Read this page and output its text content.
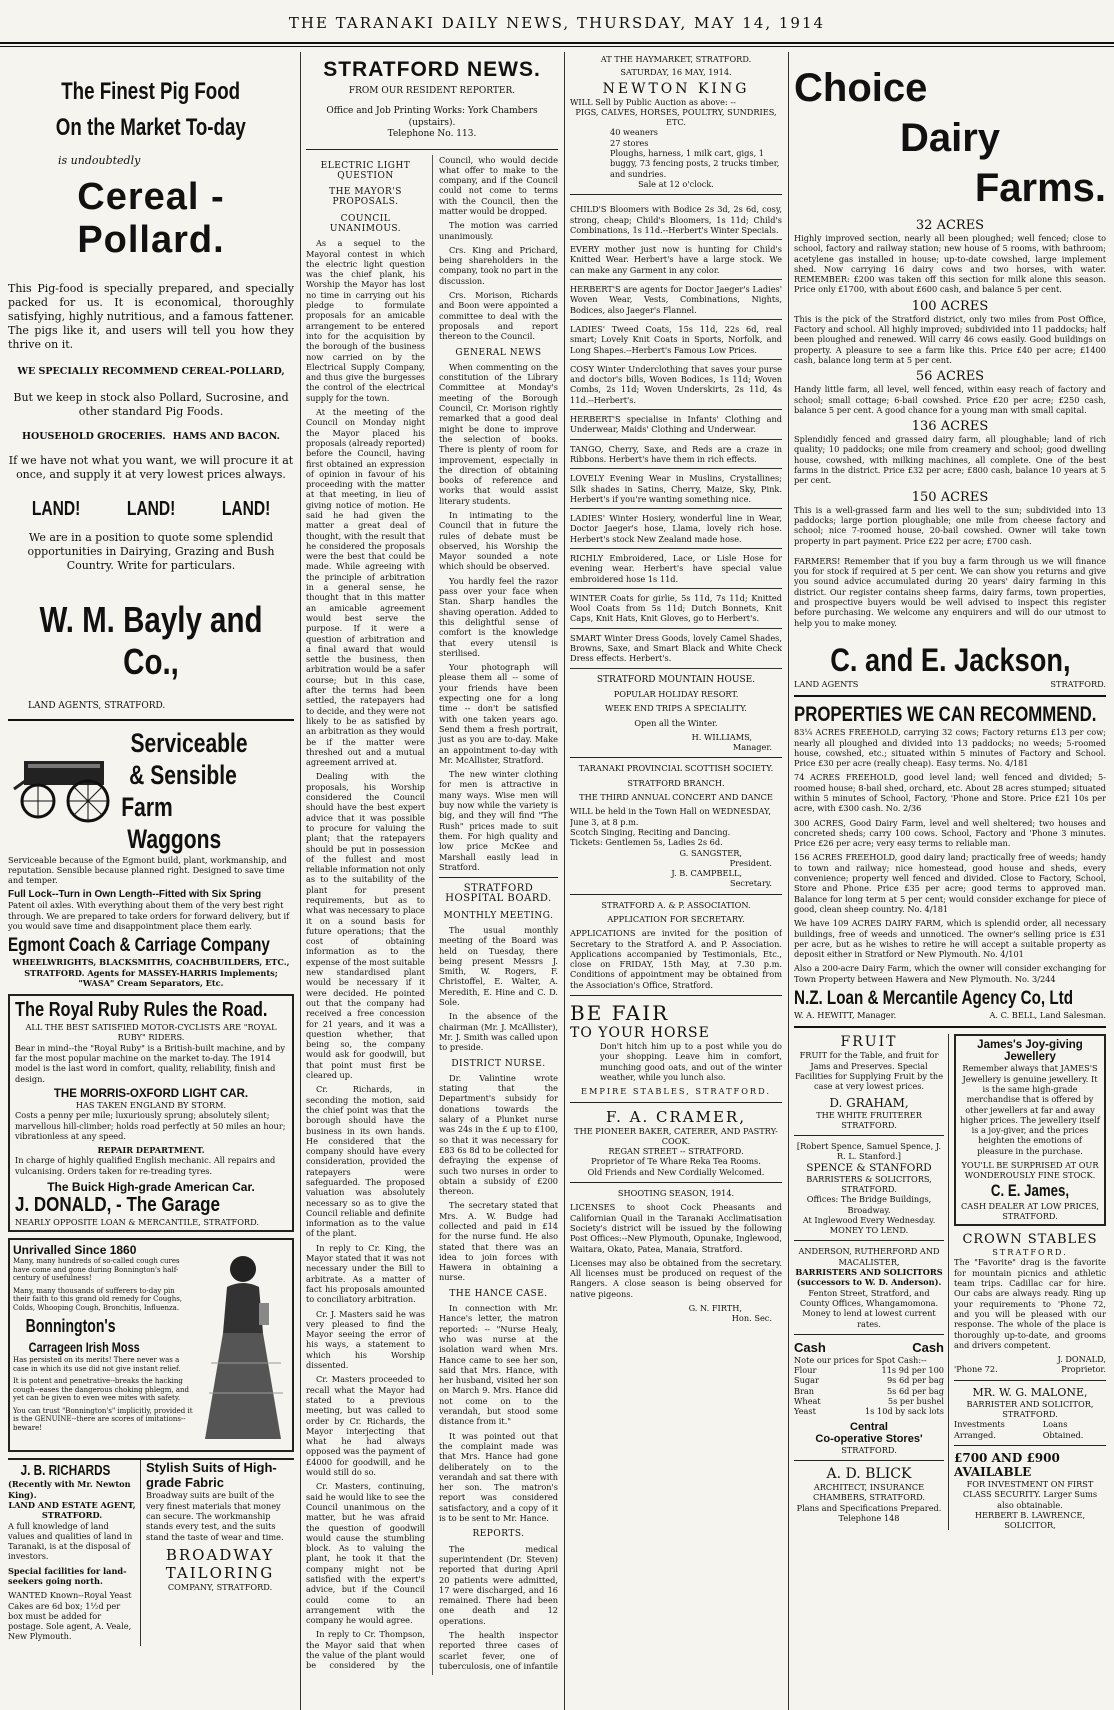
THE TARANAKI DAILY NEWS, THURSDAY, MAY 14, 1914
The Finest Pig Food
On the Market To-day
is undoubtedly
Cereal - Pollard.

This Pig-food is specially prepared, and specially packed for us. It is economical, thoroughly satisfying, highly nutritious, and a famous fattener. The pigs like it, and users will tell you how they thrive on it.

WE SPECIALLY RECOMMEND CEREAL-POLLARD,

But we keep in stock also Pollard, Sucrosine, and other standard Pig Foods.

HOUSEHOLD GROCERIES. HAMS AND BACON.

If we have not what you want, we will procure it at once, and supply it at very lowest prices always.

LAND! LAND! LAND!

We are in a position to quote some splendid opportunities in Dairying, Grazing and Bush Country. Write for particulars.

W. M. Bayly and Co.,
LAND AGENTS, STRATFORD.
Serviceable & Sensible Farm Waggons

Serviceable because of the Egmont build, plant, workmanship, and reputation. Sensible because planned right. Designed to save time and temper.

Full Lock--Turn in Own Length--Fitted with Six Spring

Patent oil axles. With everything about them of the very best right through. We are prepared to take orders for forward delivery, but if you would save time and disappointment place them early.

Egmont Coach & Carriage Company
WHEELWRIGHTS, BLACKSMITHS, COACHBUILDERS, ETC., STRATFORD. Agents for MASSEY-HARRIS Implements; "WASA" Cream Separators, Etc.
The Royal Ruby Rules the Road.
ALL THE BEST SATISFIED MOTOR-CYCLISTS ARE "ROYAL RUBY" RIDERS.

Bear in mind--the "Royal Ruby" is a British-built machine, and by far the most popular machine on the market to-day. The 1914 model is the last word in comfort, quality, reliability, finish and design.

THE MORRIS-OXFORD LIGHT CAR.
HAS TAKEN ENGLAND BY STORM.

Costs a penny per mile; luxuriously sprung; absolutely silent; marvellous hill-climber; holds road perfectly at 50 miles an hour; vibrationless at any speed.

REPAIR DEPARTMENT.

In charge of highly qualified English mechanic. All repairs and vulcanising. Orders taken for re-treading tyres.

The Buick High-grade American Car.
J. DONALD, - The Garage
NEARLY OPPOSITE LOAN & MERCANTILE, STRATFORD.
Unrivalled Since 1860

Many, many hundreds of so-called cough cures have come and gone during Bonnington's half-century of usefulness!

Many, many thousands of sufferers to-day pin their faith to this grand old remedy for Coughs, Colds, Whooping Cough, Bronchitis, Influenza.

Bonnington's Carrageen Irish Moss

Has persisted on its merits! There never was a case in which its use did not give instant relief.

It is potent and penetrative--breaks the hacking cough--eases the dangerous choking phlegm, and yet can be given to even wee mites with safety.

You can trust "Bonnington's" implicitly, provided it is the GENUINE--there are scores of imitations--beware!

J. B. RICHARDS
(Recently with Mr. Newton King).
LAND AND ESTATE AGENT, STRATFORD.

A full knowledge of land values and qualities of land in Taranaki, is at the disposal of investors.

Special facilities for land-seekers going north.

WANTED Known--Royal Yeast Cakes are 6d box; 1½d per box must be added for postage. Sole agent, A. Veale, New Plymouth.

Stylish Suits of High-grade Fabric

Broadway suits are built of the very finest materials that money can secure. The workmanship stands every test, and the suits stand the taste of wear and time.

BROADWAY TAILORING
COMPANY, STRATFORD.
STRATFORD NEWS.
FROM OUR RESIDENT REPORTER.
Office and Job Printing Works: York Chambers (upstairs).
Telephone No. 113.
ELECTRIC LIGHT QUESTION
THE MAYOR'S PROPOSALS.
COUNCIL UNANIMOUS.

As a sequel to the Mayoral contest in which the electric light question was the chief plank, his Worship the Mayor has lost no time in carrying out his pledge to formulate proposals for an amicable arrangement to be entered into for the acquisition by the borough of the business now carried on by the Electrical Supply Company, and thus give the burgesses the control of the electrical supply for the town.

At the meeting of the Council on Monday night the Mayor placed his proposals (already reported) before the Council, having first obtained an expression of opinion in favour of his proceeding with the matter at that meeting, in lieu of giving notice of motion. He said he had given the matter a great deal of thought, with the result that he considered the proposals were the best that could be made. While agreeing with the principle of arbitration in a general sense, he thought that in this matter an amicable agreement would best serve the purpose. If it were a question of arbitration and a final award that would settle the business, then arbitration would be a safer course; but in this case, after the terms had been settled, the ratepayers had to decide, and they were not likely to be as satisfied by an arbitration as they would be if the matter were threshed out and a mutual agreement arrived at.

Dealing with the proposals, his Worship considered the Council should have the best expert advice that it was possible to procure for valuing the plant; that the ratepayers should be put in possession of the fullest and most reliable information not only as to the suitability of the plant for present requirements, but as to what was necessary to place it on a sound basis for future operations; that the cost of obtaining information as to the expense of the most suitable new standardised plant would be necessary if it were decided. He pointed out that the company had received a free concession for 21 years, and it was a question whether, that being so, the company would ask for goodwill, but that point must first be cleared up.

Cr. Richards, in seconding the motion, said the chief point was that the borough should have the business in its own hands. He considered that the company should have every consideration, provided the ratepayers were safeguarded. The proposed valuation was absolutely necessary so as to give the Council reliable and definite information as to the value of the plant.

In reply to Cr. King, the Mayor stated that it was not necessary under the Bill to arbitrate. As a matter of fact his proposals amounted to conciliatory arbitration.

Cr. J. Masters said he was very pleased to find the Mayor seeing the error of his ways, a statement to which his Worship dissented.

Cr. Masters proceeded to recall what the Mayor had stated to a previous meeting, but was called to order by Cr. Richards, the Mayor interjecting that what he had always opposed was the payment of £4000 for goodwill, and he would still do so.

Cr. Masters, continuing, said he would like to see the Council unanimous on the matter, but he was afraid the question of goodwill would cause the stumbling block. As to valuing the plant, he took it that the company might not be satisfied with the expert's advice, but if the Council could come to an arrangement with the company he would agree.

In reply to Cr. Thompson, the Mayor said that when the value of the plant would be considered by the Council, who would decide what offer to make to the company, and if the Council could not come to terms with the Council, then the matter would be dropped.

The motion was carried unanimously.

Crs. King and Prichard, being shareholders in the company, took no part in the discussion.

Crs. Morison, Richards and Boon were appointed a committee to deal with the proposals and report thereon to the Council.

GENERAL NEWS

When commenting on the constitution of the Library Committee at Monday's meeting of the Borough Council, Cr. Morison rightly remarked that a good deal might be done to improve the selection of books. There is plenty of room for improvement, especially in the direction of obtaining books of reference and works that would assist literary students.

In intimating to the Council that in future the rules of debate must be observed, his Worship the Mayor sounded a note which should be observed.

You hardly feel the razor pass over your face when Stan. Sharp handles the shaving operation. Added to this delightful sense of comfort is the knowledge that every utensil is sterilised.

Your photograph will please them all -- some of your friends have been expecting one for a long time -- don't be satisfied with one taken years ago. Send them a fresh portrait, just as you are to-day. Make an appointment to-day with Mr. McAllister, Stratford.

The new winter clothing for men is attractive in many ways. Wise men will buy now while the variety is big, and they will find "The Rush" prices made to suit them. For high quality and low price McKee and Marshall easily lead in Stratford.

STRATFORD HOSPITAL BOARD.
MONTHLY MEETING.

The usual monthly meeting of the Board was held on Tuesday, there being present Messrs J. Smith, W. Rogers, F. Christoffel, E. Walter, A. Meredith, E. Hine and C. D. Sole.

In the absence of the chairman (Mr. J. McAllister), Mr. J. Smith was called upon to preside.

DISTRICT NURSE.

Dr. Valintine wrote stating that the Department's subsidy for donations towards the salary of a Plunket nurse was 24s in the £ up to £100, so that it was necessary for £83 6s 8d to be collected for defraying the expense of such two nurses in order to obtain a subsidy of £200 thereon.

The secretary stated that Mrs. A. W. Budge had collected and paid in £14 for the nurse fund. He also stated that there was an idea to join forces with Hawera in obtaining a nurse.

THE HANCE CASE.

In connection with Mr. Hance's letter, the matron reported: -- "Nurse Healy, who was nurse at the isolation ward when Mrs. Hance came to see her son, said that Mrs. Hance, with her husband, visited her son on March 9. Mrs. Hance did not come on to the verandah, but stood some distance from it."

It was pointed out that the complaint made was that Mrs. Hance had gone deliberately on to the verandah and sat there with her son. The matron's report was considered satisfactory, and a copy of it is to be sent to Mr. Hance.

REPORTS.

The medical superintendent (Dr. Steven) reported that during April 20 patients were admitted, 17 were discharged, and 16 remained. There had been one death and 12 operations.

The health inspector reported three cases of scarlet fever, one of tuberculosis, one of infantile

AT THE HAYMARKET, STRATFORD.
SATURDAY, 16 MAY, 1914.
NEWTON KING
WILL Sell by Public Auction as above: --
PIGS, CALVES, HORSES, POULTRY, SUNDRIES, ETC.
40 weaners
27 stores
Ploughs, harness, 1 milk cart, gigs, 1 buggy, 73 fencing posts, 2 trucks timber, and sundries.
Sale at 12 o'clock.
CHILD'S Bloomers with Bodice 2s 3d, 2s 6d, cosy, strong, cheap; Child's Bloomers, 1s 11d; Child's Combinations, 1s 11d.--Herbert's Winter Specials.
EVERY mother just now is hunting for Child's Knitted Wear. Herbert's have a large stock. We can make any Garment in any color.
HERBERT'S are agents for Doctor Jaeger's Ladies' Woven Wear, Vests, Combinations, Nights, Bodices, also Jaeger's Flannel.
LADIES' Tweed Coats, 15s 11d, 22s 6d, real smart; Lovely Knit Coats in Sports, Norfolk, and Long Shapes.--Herbert's Famous Low Prices.
COSY Winter Underclothing that saves your purse and doctor's bills, Woven Bodices, 1s 11d; Woven Combs, 2s 11d; Woven Underskirts, 2s 11d, 4s 11d.--Herbert's.
HERBERT'S specialise in Infants' Clothing and Underwear, Maids' Clothing and Underwear.
TANGO, Cherry, Saxe, and Reds are a craze in Ribbons. Herbert's have them in rich effects.
LOVELY Evening Wear in Muslins, Crystallines; Silk shades in Satins, Cherry, Maize, Sky, Pink. Herbert's if you're wanting something nice.
LADIES' Winter Hosiery, wonderful line in Wear, Doctor Jaeger's hose, Llama, lovely rich hose. Herbert's stock New Zealand made hose.
RICHLY Embroidered, Lace, or Lisle Hose for evening wear. Herbert's have special value embroidered hose 1s 11d.
WINTER Coats for girlie, 5s 11d, 7s 11d; Knitted Wool Coats from 5s 11d; Dutch Bonnets, Knit Caps, Knit Hats, Knit Gloves, go to Herbert's.
SMART Winter Dress Goods, lovely Camel Shades, Browns, Saxe, and Smart Black and White Check Dress effects. Herbert's.
STRATFORD MOUNTAIN HOUSE.
POPULAR HOLIDAY RESORT.
WEEK END TRIPS A SPECIALITY.
Open all the Winter.
H. WILLIAMS,
Manager.
TARANAKI PROVINCIAL SCOTTISH SOCIETY.
STRATFORD BRANCH.
THE THIRD ANNUAL CONCERT AND DANCE
WILL be held in the Town Hall on WEDNESDAY, June 3, at 8 p.m.
Scotch Singing, Reciting and Dancing.
Tickets: Gentlemen 5s, Ladies 2s 6d.
G. SANGSTER,
President.
J. B. CAMPBELL,
Secretary.
STRATFORD A. & P. ASSOCIATION.
APPLICATION FOR SECRETARY.

APPLICATIONS are invited for the position of Secretary to the Stratford A. and P. Association. Applications accompanied by Testimonials, Etc., close on FRIDAY, 15th May, at 7.30 p.m. Conditions of appointment may be obtained from the Association's Office, Stratford.

BE FAIR
TO YOUR HORSE

Don't hitch him up to a post while you do your shopping. Leave him in comfort, munching good oats, and out of the winter weather, while you lunch also.

EMPIRE STABLES, STRATFORD.
F. A. CRAMER,
THE PIONEER BAKER, CATERER, AND PASTRY-COOK.
REGAN STREET -- STRATFORD.
Proprietor of Te Whare Reka Tea Rooms.
Old Friends and New Cordially Welcomed.
SHOOTING SEASON, 1914.

LICENSES to shoot Cock Pheasants and Californian Quail in the Taranaki Acclimatisation Society's district will be issued by the following Post Offices:--New Plymouth, Opunake, Inglewood, Waitara, Okato, Patea, Manaia, Stratford.

Licenses may also be obtained from the secretary. All licenses must be produced on request of the Rangers. A close season is being observed for native pigeons.

G. N. FIRTH,
Hon. Sec.
Choice
Dairy
Farms.
32 ACRES

Highly improved section, nearly all been ploughed; well fenced; close to school, factory and railway station; new house of 5 rooms, with bathroom; acetylene gas installed in house; up-to-date cowshed, large implement shed. Now carrying 16 dairy cows and two horses, with water. REMEMBER: £200 was taken off this section for milk alone this season. Price only £1700, with about £600 cash, and balance 5 per cent.

100 ACRES

This is the pick of the Stratford district, only two miles from Post Office, Factory and school. All highly improved; subdivided into 11 paddocks; half been ploughed and renewed. Will carry 46 cows easily. Good buildings on property. A pleasure to see a farm like this. Price £40 per acre; £1400 cash, balance long term at 5 per cent.

56 ACRES

Handy little farm, all level, well fenced, within easy reach of factory and school; small cottage; 6-bail cowshed. Price £20 per acre; £250 cash, balance 5 per cent. A good chance for a young man with small capital.

136 ACRES

Splendidly fenced and grassed dairy farm, all ploughable; land of rich quality; 10 paddocks; one mile from creamery and school; good dwelling house, cowshed, with milking machines, all complete. One of the best farms in the district. Price £32 per acre; £800 cash, balance 10 years at 5 per cent.

150 ACRES

This is a well-grassed farm and lies well to the sun; subdivided into 13 paddocks; large portion ploughable; one mile from cheese factory and school; nice 7-roomed house, 20-bail cowshed. Owner will take town property in part payment. Price £22 per acre; £700 cash.

FARMERS! Remember that if you buy a farm through us we will finance you for stock if required at 5 per cent. We can show you returns and give you sound advice accumulated during 20 years' dairy farming in this district. Our register contains sheep farms, dairy farms, town properties, and prospective buyers would be well advised to inspect this register before purchasing. We welcome any enquirers and will do our utmost to help you to make money.

C. and E. Jackson,
LAND AGENTS	STRATFORD.
PROPERTIES WE CAN RECOMMEND.

83¼ ACRES FREEHOLD, carrying 32 cows; Factory returns £13 per cow; nearly all ploughed and divided into 13 paddocks; no weeds; 5-roomed house, cowshed, etc.; situated within 5 minutes of Factory and School. Price £30 per acre (really cheap). Easy terms. No. 4/181

74 ACRES FREEHOLD, good level land; well fenced and divided; 5-roomed house; 8-bail shed, orchard, etc. About 28 acres stumped; situated within 5 minutes of School, Factory, 'Phone and Store. Price £21 10s per acre, with £300 cash. No. 2/36

300 ACRES, Good Dairy Farm, level and well sheltered; two houses and concreted sheds; carry 100 cows. School, Factory and 'Phone 3 minutes. Price £26 per acre; very easy terms to reliable man.

156 ACRES FREEHOLD, good dairy land; practically free of weeds; handy to town and railway; nice homestead, good house and sheds, every convenience; property well fenced and divided. Close to Factory, School, Store and Phone. Price £35 per acre; good terms to approved man. Balance for long term at 5 per cent; would consider exchange for piece of good, clean sheep country. No. 4/181

We have 109 ACRES DAIRY FARM, which is splendid order, all necessary buildings, free of weeds and unnoticed. The owner's selling price is £31 per acre, but as he wishes to retire he will accept a suitable property as deposit either in Stratford or New Plymouth. No. 4/101

Also a 200-acre Dairy Farm, which the owner will consider exchanging for Town Property between Hawera and New Plymouth. No. 3/244

N.Z. Loan & Mercantile Agency Co, Ltd
W. A. HEWITT, Manager.	A. C. BELL, Land Salesman.
FRUIT

FRUIT for the Table, and fruit for Jams and Preserves. Special Facilities for Supplying Fruit by the case at very lowest prices.

D. GRAHAM,
THE WHITE FRUITERER STRATFORD.
[Robert Spence, Samuel Spence, J. R. L. Stanford.]
SPENCE & STANFORD
BARRISTERS & SOLICITORS, STRATFORD.
Offices: The Bridge Buildings, Broadway.
At Inglewood Every Wednesday. MONEY TO LEND.
ANDERSON, RUTHERFORD AND MACALISTER,
BARRISTERS AND SOLICITORS (successors to W. D. Anderson).
Fenton Street, Stratford, and County Offices, Whangamomona. Money to lend at lowest current rates.
Cash	Cash
Note our prices for Spot Cash:--
Flour	11s 9d per 100
Sugar	9s 6d per bag
Bran	5s 6d per bag
Wheat	5s per bushel
Yeast	1s 10d by sack lots
Central
Co-operative Stores'
STRATFORD.
A. D. BLICK
ARCHITECT, INSURANCE CHAMBERS, STRATFORD.
Plans and Specifications Prepared. Telephone 148
James's Joy-giving Jewellery

Remember always that JAMES'S Jewellery is genuine jewellery. It is the same high-grade merchandise that is offered by other jewellers at far and away higher prices. The jewellery itself is a joy-giver, and the prices heighten the emotions of pleasure in the purchase.

YOU'LL BE SURPRISED AT OUR WONDEROUSLY FINE STOCK.
C. E. James,
CASH DEALER AT LOW PRICES, STRATFORD.
CROWN STABLES
STRATFORD.

The "Favorite" drag is the favorite for mountain picnics and athletic team trips. Cadillac car for hire. Our cabs are always ready. Ring up your requirements to 'Phone 72, and you will be pleased with our response. The whole of the place is thoroughly up-to-date, and grooms and drivers competent.

J. DONALD,
'Phone 72.	Proprietor.
MR. W. G. MALONE,
BARRISTER AND SOLICITOR, STRATFORD.
Investments Arranged.
Loans Obtained.
£700 AND £900 AVAILABLE
FOR INVESTMENT ON FIRST CLASS SECURITY. Larger Sums also obtainable.
HERBERT B. LAWRENCE, SOLICITOR,
